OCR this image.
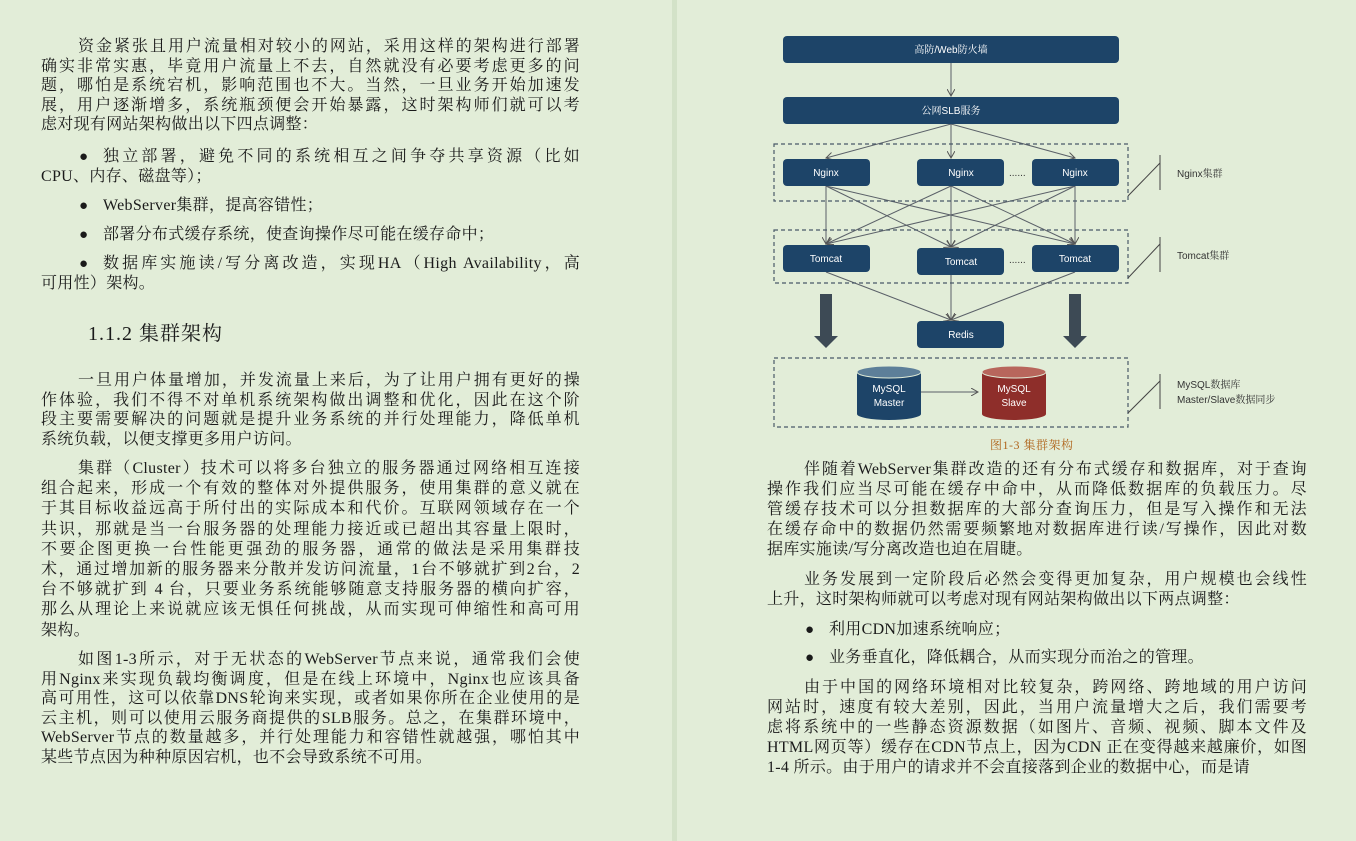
1.1.2 集群架构
资金紧张且用户流量相对较小的网站，采用这样的架构进行部署
确实非常实惠，毕竟用户流量上不去，自然就没有必要考虑更多的问
题，哪怕是系统宕机，影响范围也不大。当然，一旦业务开始加速发
展，用户逐渐增多，系统瓶颈便会开始暴露，这时架构师们就可以考
虑对现有网站架构做出以下四点调整：
独立部署，避免不同的系统相互之间争夺共享资源（比如
●
CPU、内存、磁盘等）；
WebServer集群，提高容错性；
●
部署分布式缓存系统，使查询操作尽可能在缓存命中；
●
数据库实施读/写分离改造，实现HA（High Availability，高
●
可用性）架构。
一旦用户体量增加，并发流量上来后，为了让用户拥有更好的操
作体验，我们不得不对单机系统架构做出调整和优化，因此在这个阶
段主要需要解决的问题就是提升业务系统的并行处理能力，降低单机
系统负载，以便支撑更多用户访问。
集群（Cluster）技术可以将多台独立的服务器通过网络相互连接
组合起来，形成一个有效的整体对外提供服务，使用集群的意义就在
于其目标收益远高于所付出的实际成本和代价。互联网领域存在一个
共识，那就是当一台服务器的处理能力接近或已超出其容量上限时，
不要企图更换一台性能更强劲的服务器，通常的做法是采用集群技
术，通过增加新的服务器来分散并发访问流量，1台不够就扩到2台，2
台不够就扩到 4 台，只要业务系统能够随意支持服务器的横向扩容，
那么从理论上来说就应该无惧任何挑战，从而实现可伸缩性和高可用
架构。
如图1-3所示，对于无状态的WebServer节点来说，通常我们会使
用Nginx来实现负载均衡调度，但是在线上环境中，Nginx也应该具备
高可用性，这可以依靠DNS轮询来实现，或者如果你所在企业使用的是
云主机，则可以使用云服务商提供的SLB服务。总之，在集群环境中，
WebServer节点的数量越多，并行处理能力和容错性就越强，哪怕其中
某些节点因为种种原因宕机，也不会导致系统不可用。
伴随着WebServer集群改造的还有分布式缓存和数据库，对于查询
操作我们应当尽可能在缓存中命中，从而降低数据库的负载压力。尽
管缓存技术可以分担数据库的大部分查询压力，但是写入操作和无法
在缓存命中的数据仍然需要频繁地对数据库进行读/写操作，因此对数
据库实施读/写分离改造也迫在眉睫。
业务发展到一定阶段后必然会变得更加复杂，用户规模也会线性
上升，这时架构师就可以考虑对现有网站架构做出以下两点调整：
利用CDN加速系统响应；
●
业务垂直化，降低耦合，从而实现分而治之的管理。
●
由于中国的网络环境相对比较复杂，跨网络、跨地域的用户访问
网站时，速度有较大差别，因此，当用户流量增大之后，我们需要考
虑将系统中的一些静态资源数据（如图片、音频、视频、脚本文件及
HTML网页等）缓存在CDN节点上，因为CDN 正在变得越来越廉价，如图
1-4 所示。由于用户的请求并不会直接落到企业的数据中心，而是请
高防/Web防火墙
公网SLB服务
Nginx	Nginx	Nginx
......
Tomcat	Tomcat	Tomcat
......
Redis
MySQL
Master
MySQL
Slave
Nginx集群
Tomcat集群
MySQL数据库
Master/Slave数据同步
图1-3 集群架构
